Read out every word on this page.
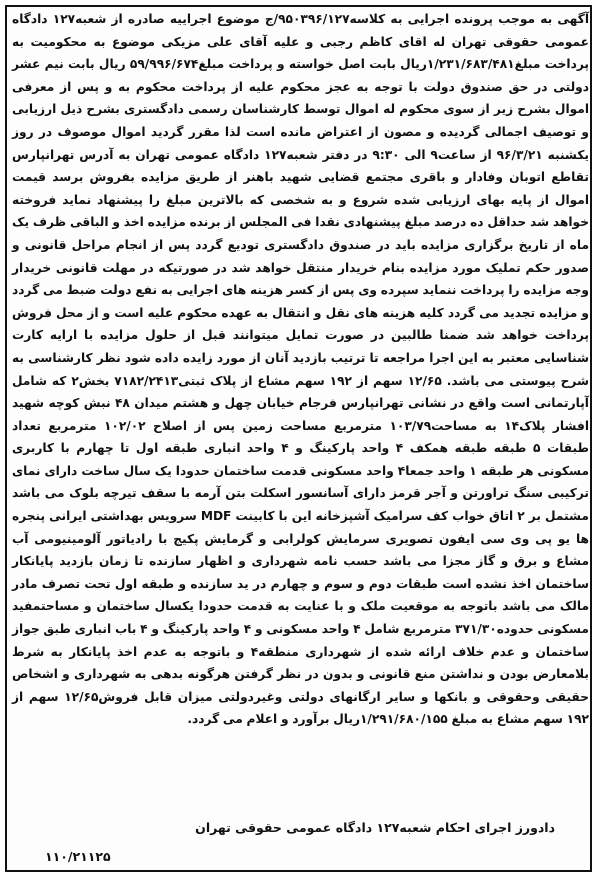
آگهی به موجب پرونده اجرایی به کلاسه۹۵۰۳۹۶/۱۲۷/ج موضوع اجراییه صادره از شعبه۱۲۷ دادگاه عمومی حقوقی تهران له اقای کاظم رجبی و علیه آقای علی مزیکی موضوع به محکومیت به پرداخت مبلغ۱/۲۳۱/۶۸۳/۴۸۱ریال بابت اصل خواسته و پرداخت مبلغ۵۹/۹۹۶/۶۷۴ ریال بابت نیم عشر دولتی در حق صندوق دولت با توجه به عجز محکوم علیه از پرداخت محکوم به و پس از معرفی اموال بشرح زیر از سوی محکوم له اموال توسط کارشناسان رسمی دادگستری بشرح ذیل ارزیابی و توصیف اجمالی گردیده و مصون از اعتراض مانده است لذا مقرر گردید اموال موصوف در روز یکشنبه ۹۶/۳/۲۱ از ساعت۹ الی ۹:۳۰ در دفتر شعبه۱۲۷ دادگاه عمومی تهران به آدرس تهرانپارس تقاطع اتوبان وفادار و باقری مجتمع قضایی شهید باهنر از طریق مزایده بفروش برسد قیمت اموال از پایه بهای ارزیابی شده شروع و به شخصی که بالاترین مبلغ را پیشنهاد نماید فروخته خواهد شد حداقل ده درصد مبلغ پیشنهادی نقدا فی المجلس از برنده مزایده اخذ و الباقی ظرف یک ماه از تاریخ برگزاری مزایده باید در صندوق دادگستری تودیع گردد پس از انجام مراحل قانونی و صدور حکم تملیک مورد مزایده بنام خریدار منتقل خواهد شد در صورتیکه در مهلت قانونی خریدار وجه مزایده را پرداخت ننماید سپرده وی پس از کسر هزینه های اجرایی به نفع دولت ضبط می گردد و مزایده تجدید می گردد کلیه هزینه های نقل و انتقال به عهده محکوم علیه است و از محل فروش پرداخت خواهد شد ضمنا طالبین در صورت تمایل میتوانند قبل از حلول مزایده با ارایه کارت شناسایی معتبر به این اجرا مراجعه تا ترتیب بازدید آنان از مورد زایده داده شود نظر کارشناسی به شرح پیوستی می باشد. ۱۲/۶۵ سهم از ۱۹۲ سهم مشاع از پلاک ثبتی۷۱۸۲/۲۴۱۳ بخش۲ که شامل آپارتمانی است واقع در نشانی تهرانپارس فرجام خیابان چهل و هشتم میدان ۴۸ نبش کوچه شهید افشار پلاک۱۴ به مساحت۱۰۳/۷۹ مترمربع مساحت زمین پس از اصلاح ۱۰۲/۰۲ مترمربع تعداد طبقات ۵ طبقه طبقه همکف ۴ واحد پارکینگ و ۴ واحد انباری طبقه اول تا چهارم با کاربری مسکونی هر طبقه ۱ واحد جمعا۴ واحد مسکونی قدمت ساختمان حدودا یک سال ساخت دارای نمای ترکیبی سنگ تراورتن و آجر قرمز دارای آسانسور اسکلت بتن آرمه با سقف تیرچه بلوک می باشد مشتمل بر ۲ اتاق خواب کف سرامیک آشپزخانه این با کابینت MDF سرویس بهداشتی ایرانی پنجره ها یو پی وی سی ایفون تصویری سرمایش کولرابی و گرمایش پکیج با رادیاتور آلومینیومی آب مشاع و برق و گاز مجزا می باشد حسب نامه شهرداری و اظهار سازنده تا زمان بازدید پایانکار ساختمان اخذ نشده است طبقات دوم و سوم و چهارم در ید سازنده و طبقه اول تحت تصرف مادر مالک می باشد باتوجه به موقعیت ملک و با عنایت به قدمت حدودا یکسال ساختمان و مساحتمفید مسکونی حدوده۳۷۱/۳۰ مترمربع شامل ۴ واحد مسکونی و ۴ واحد پارکینگ و ۴ باب انباری طبق جواز ساختمان و عدم خلاف ارائه شده از شهرداری منطقه۴ و باتوجه به عدم اخذ پایانکار به شرط بلامعارض بودن و نداشتن منع قانونی و بدون در نظر گرفتن هرگونه بدهی به شهرداری و اشخاص حقیقی وحقوقی و بانکها و سایر ارگانهای دولتی وغیردولتی میزان قابل فروش۱۲/۶۵ سهم از ۱۹۲ سهم مشاع به مبلغ ۱/۲۹۱/۶۸۰/۱۵۵ریال برآورد و اعلام می گردد.

دادورز اجرای احکام شعبه۱۲۷ دادگاه عمومی حقوقی تهران
۱۱۰/۲۱۱۲۵
